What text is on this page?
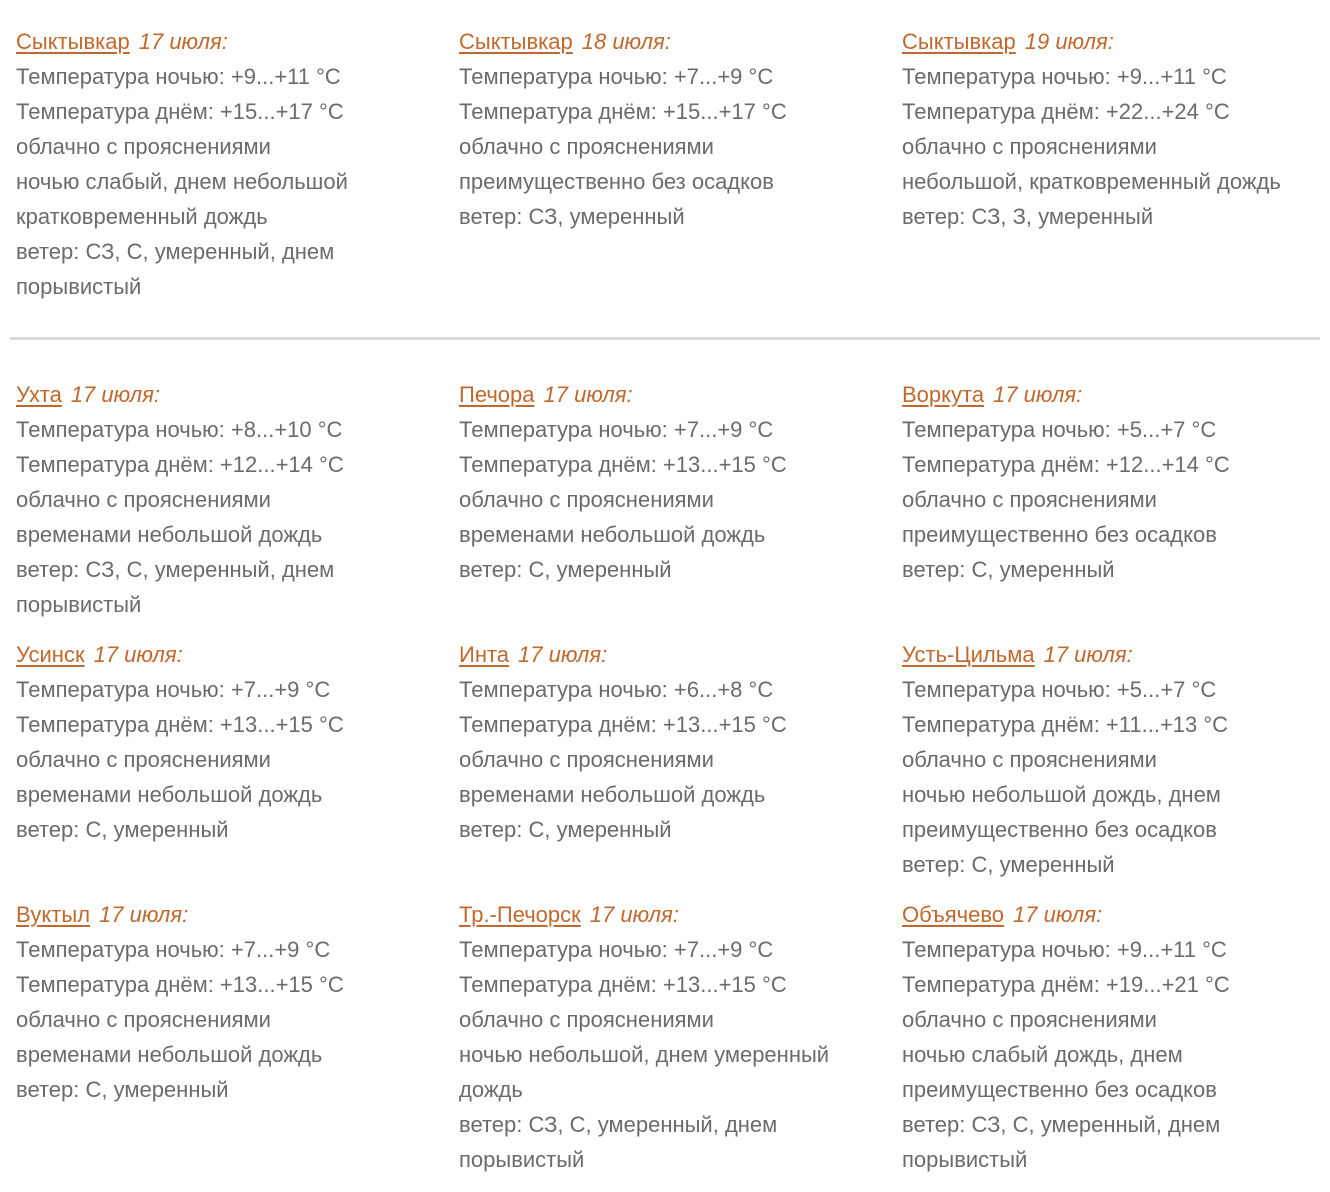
Сыктывкар 17 июля:
Температура ночью: +9...+11 °C
Температура днём: +15...+17 °C
облачно с прояснениями
ночью слабый, днем небольшой кратковременный дождь
ветер: СЗ, С, умеренный, днем порывистый
Сыктывкар 18 июля:
Температура ночью: +7...+9 °C
Температура днём: +15...+17 °C
облачно с прояснениями
преимущественно без осадков
ветер: СЗ, умеренный
Сыктывкар 19 июля:
Температура ночью: +9...+11 °C
Температура днём: +22...+24 °C
облачно с прояснениями
небольшой, кратковременный дождь
ветер: СЗ, З, умеренный
Ухта 17 июля:
Температура ночью: +8...+10 °C
Температура днём: +12...+14 °C
облачно с прояснениями
временами небольшой дождь
ветер: СЗ, С, умеренный, днем порывистый
Печора 17 июля:
Температура ночью: +7...+9 °C
Температура днём: +13...+15 °C
облачно с прояснениями
временами небольшой дождь
ветер: С, умеренный
Воркута 17 июля:
Температура ночью: +5...+7 °C
Температура днём: +12...+14 °C
облачно с прояснениями
преимущественно без осадков
ветер: С, умеренный
Усинск 17 июля:
Температура ночью: +7...+9 °C
Температура днём: +13...+15 °C
облачно с прояснениями
временами небольшой дождь
ветер: С, умеренный
Инта 17 июля:
Температура ночью: +6...+8 °C
Температура днём: +13...+15 °C
облачно с прояснениями
временами небольшой дождь
ветер: С, умеренный
Усть-Цильма 17 июля:
Температура ночью: +5...+7 °C
Температура днём: +11...+13 °C
облачно с прояснениями
ночью небольшой дождь, днем преимущественно без осадков
ветер: С, умеренный
Вуктыл 17 июля:
Температура ночью: +7...+9 °C
Температура днём: +13...+15 °C
облачно с прояснениями
временами небольшой дождь
ветер: С, умеренный
Тр.-Печорск 17 июля:
Температура ночью: +7...+9 °C
Температура днём: +13...+15 °C
облачно с прояснениями
ночью небольшой, днем умеренный дождь
ветер: СЗ, С, умеренный, днем порывистый
Объячево 17 июля:
Температура ночью: +9...+11 °C
Температура днём: +19...+21 °C
облачно с прояснениями
ночью слабый дождь, днем преимущественно без осадков
ветер: СЗ, С, умеренный, днем порывистый
